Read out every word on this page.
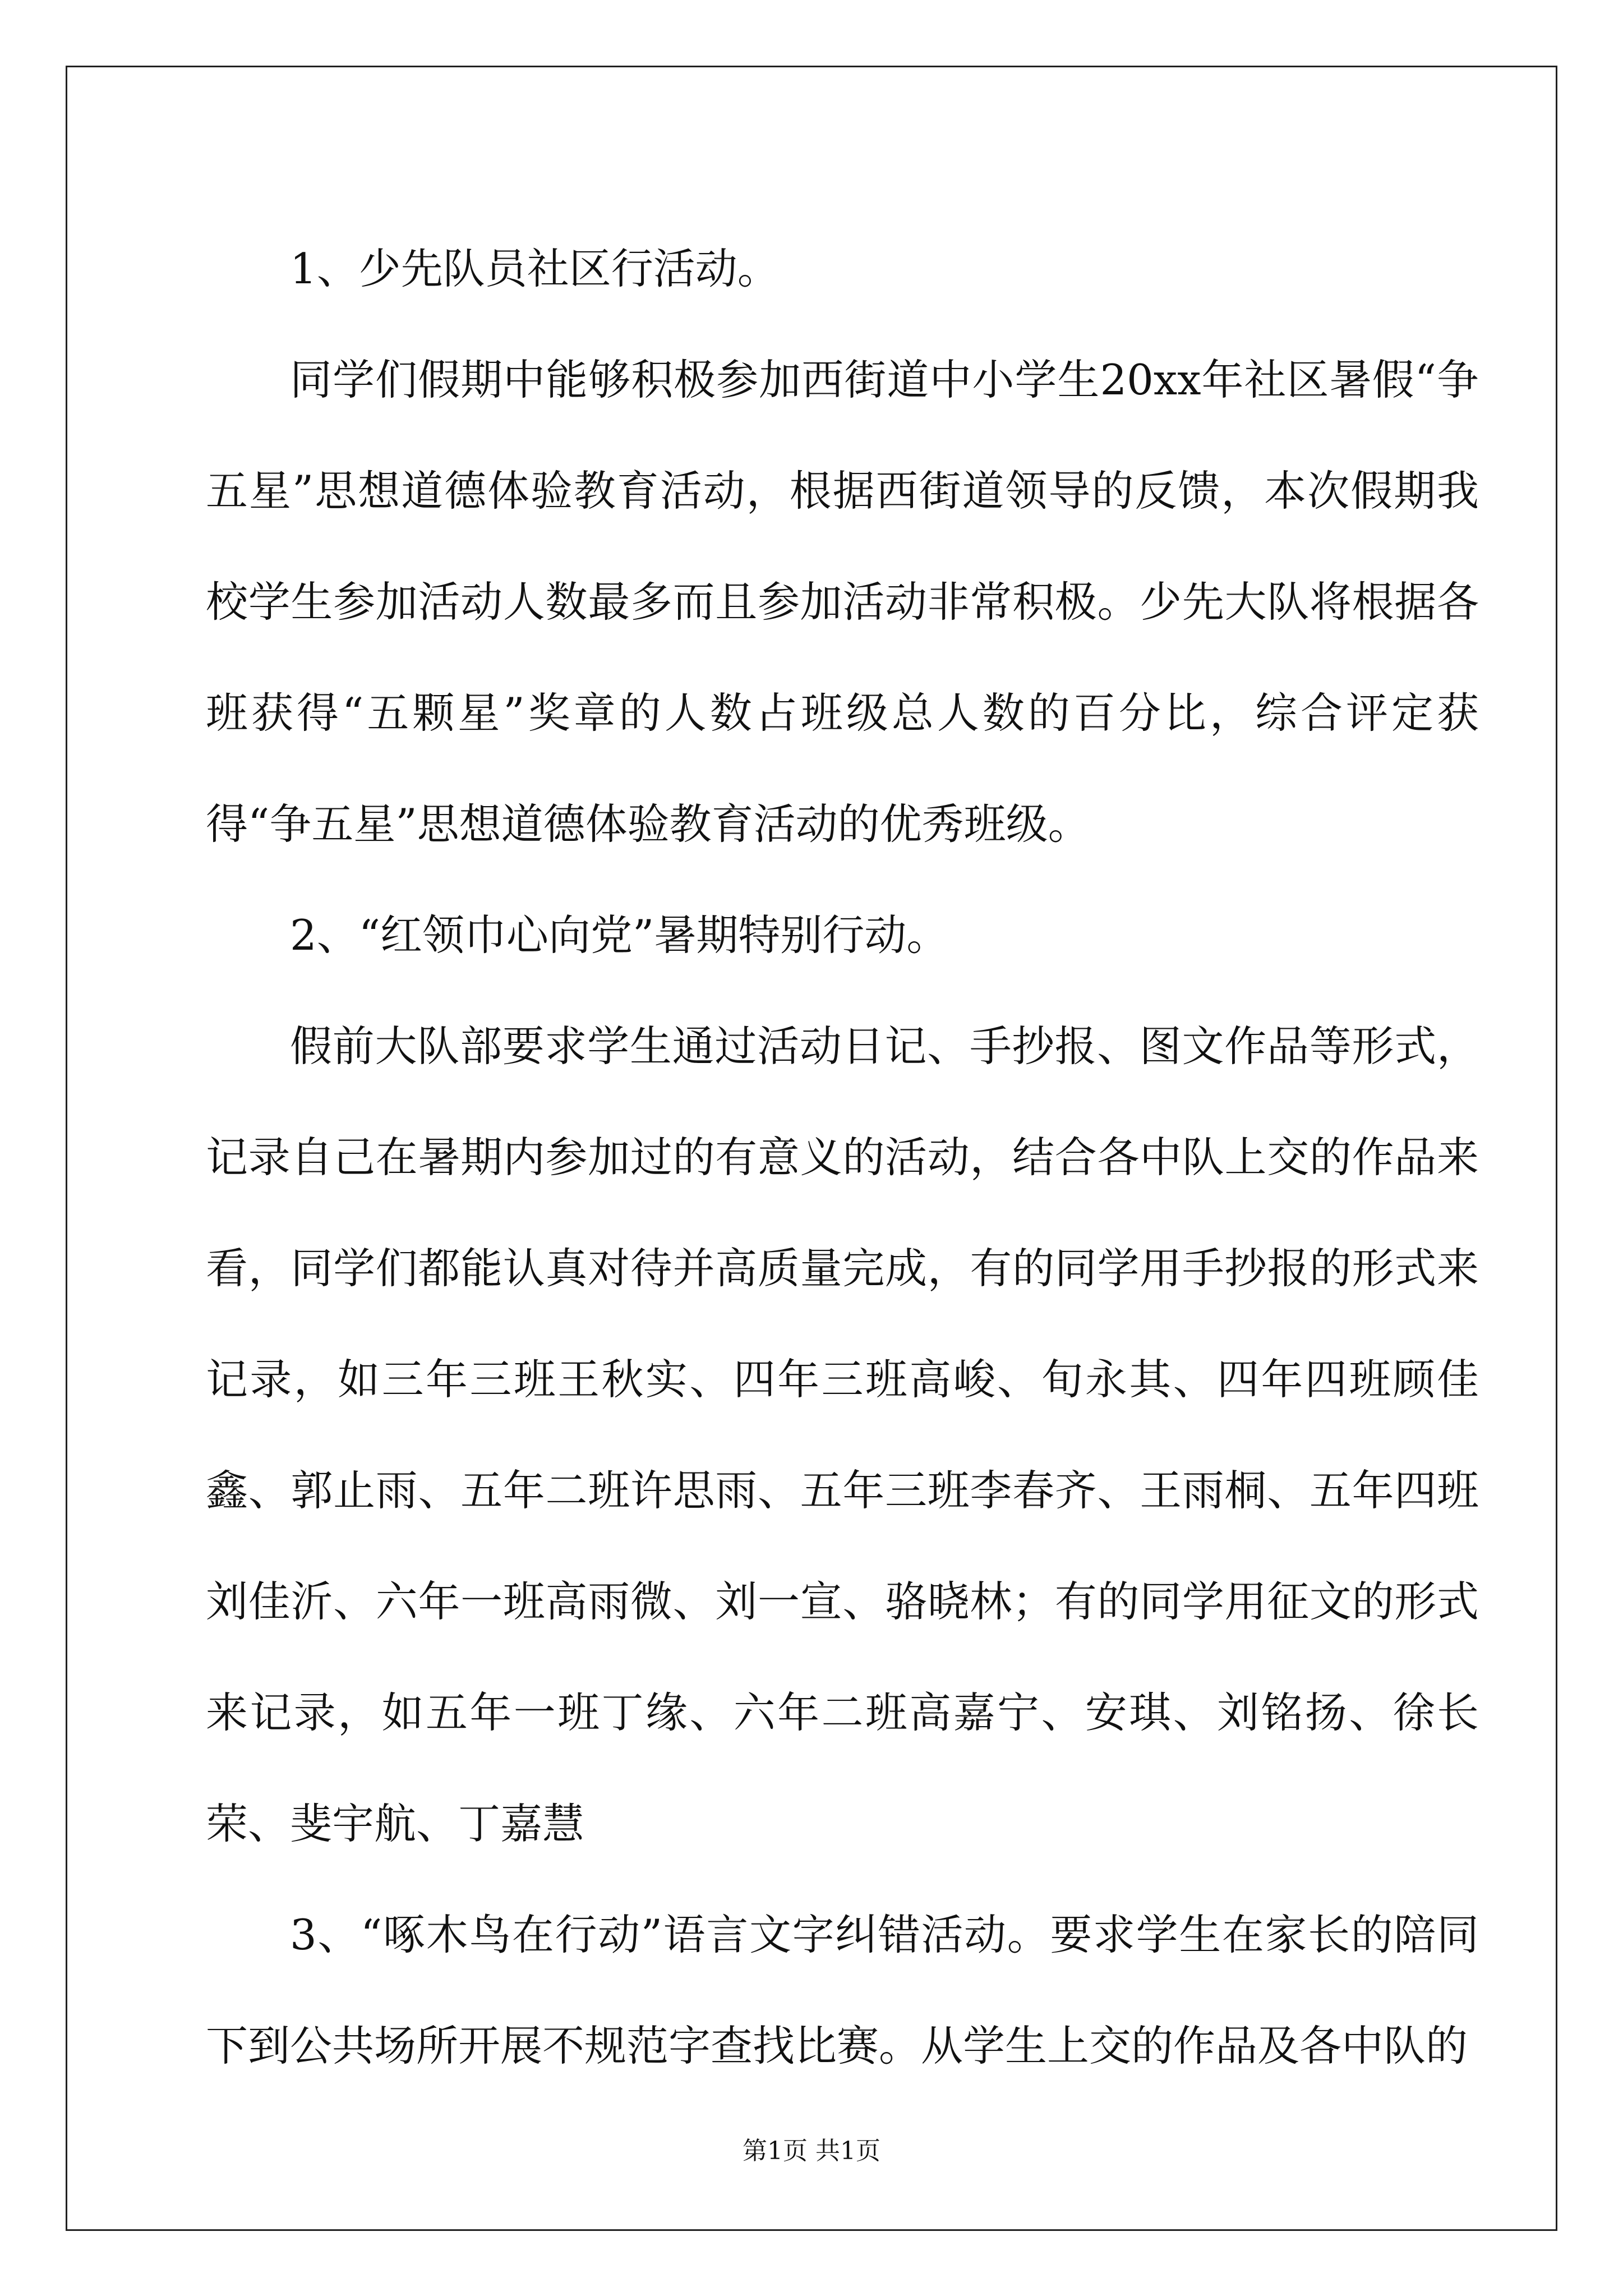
1、少先队员社区行活动。

同学们假期中能够积极参加西街道中小学生20xx年社区暑假“争五星”思想道德体验教育活动，根据西街道领导的反馈，本次假期我校学生参加活动人数最多而且参加活动非常积极。少先大队将根据各班获得“五颗星”奖章的人数占班级总人数的百分比，综合评定获得“争五星”思想道德体验教育活动的优秀班级。

2、“红领巾心向党”暑期特别行动。

假前大队部要求学生通过活动日记、手抄报、图文作品等形式，记录自己在暑期内参加过的有意义的活动，结合各中队上交的作品来看，同学们都能认真对待并高质量完成，有的同学用手抄报的形式来记录，如三年三班王秋实、四年三班高峻、旬永其、四年四班顾佳鑫、郭止雨、五年二班许思雨、五年三班李春齐、王雨桐、五年四班刘佳沂、六年一班高雨微、刘一宣、骆晓林；有的同学用征文的形式来记录，如五年一班丁缘、六年二班高嘉宁、安琪、刘铭扬、徐长荣、斐宇航、丁嘉慧

3、“啄木鸟在行动”语言文字纠错活动。要求学生在家长的陪同下到公共场所开展不规范字查找比赛。从学生上交的作品及各中队的

第1页 共1页
